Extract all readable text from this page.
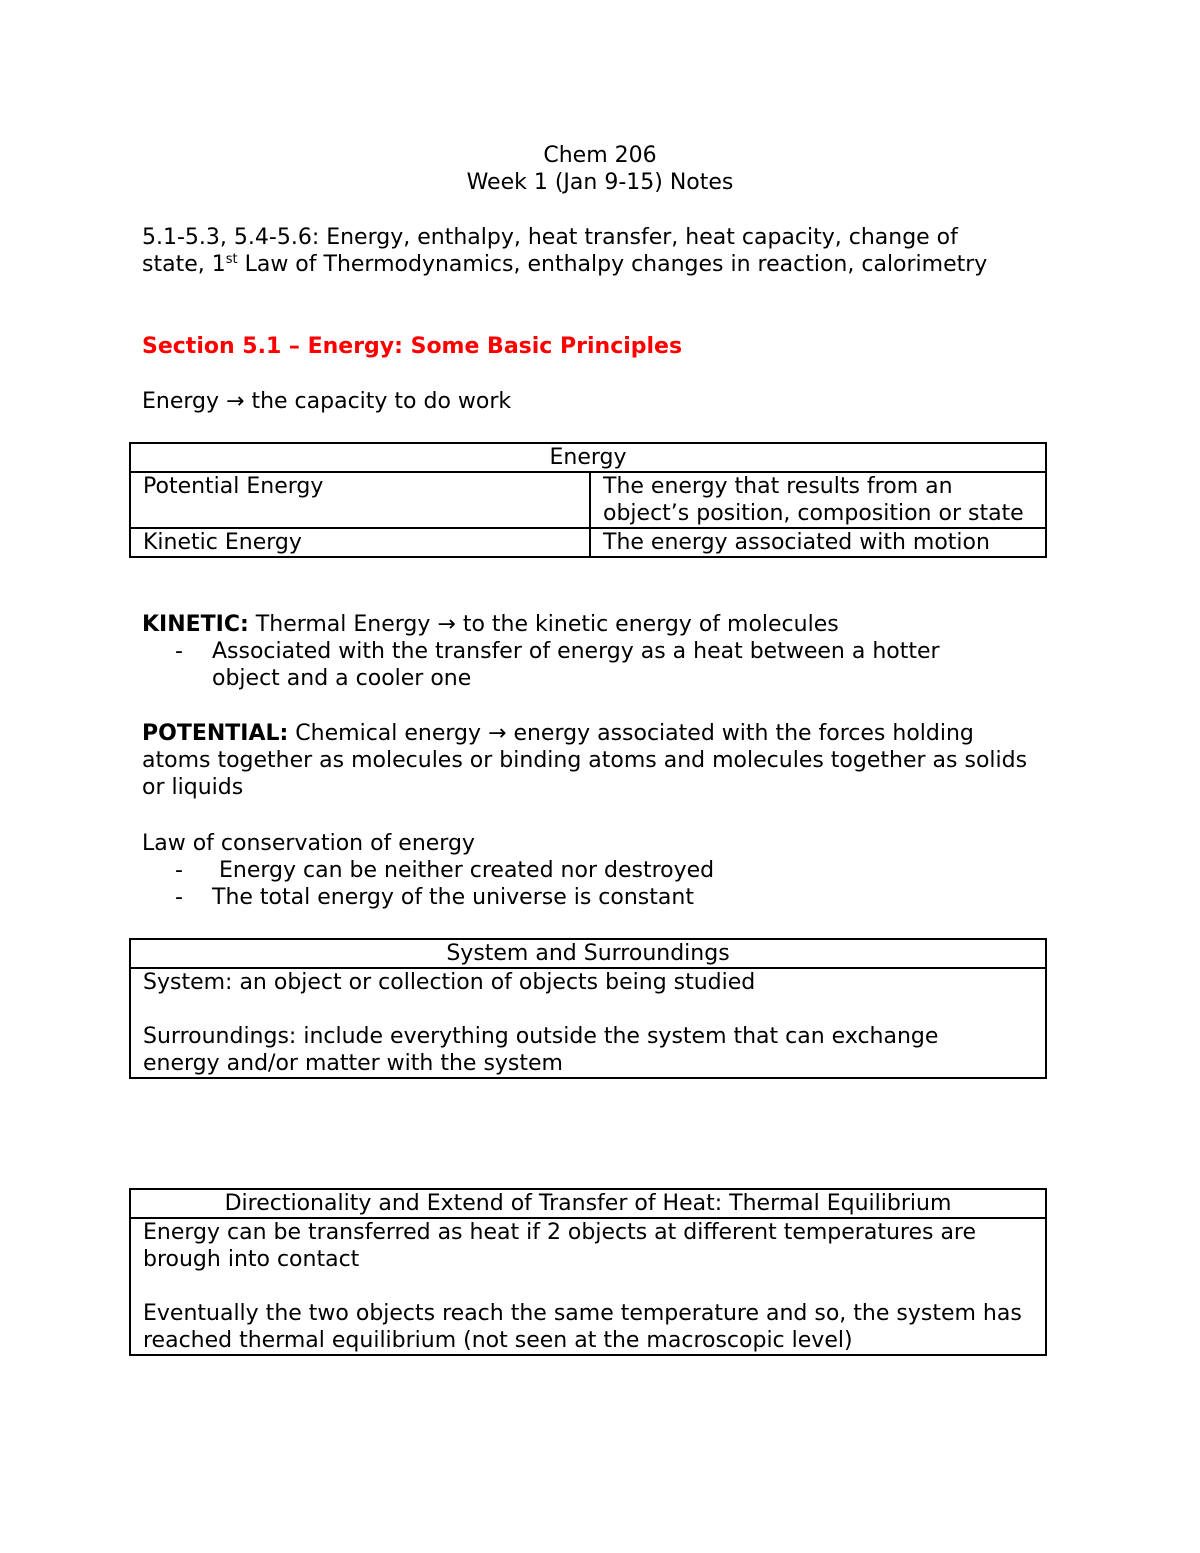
Chem 206
Week 1 (Jan 9-15) Notes
5.1-5.3, 5.4-5.6: Energy, enthalpy, heat transfer, heat capacity, change of
state, 1st Law of Thermodynamics, enthalpy changes in reaction, calorimetry
Section 5.1 – Energy: Some Basic Principles
Energy → the capacity to do work
Energy	
Potential Energy	The energy that results from an object’s position, composition or state
Kinetic Energy	The energy associated with motion
KINETIC: Thermal Energy → to the kinetic energy of molecules
- Associated with the transfer of energy as a heat between a hotter object and a cooler one
POTENTIAL: Chemical energy → energy associated with the forces holding atoms together as molecules or binding atoms and molecules together as solids or liquids
Law of conservation of energy
- Energy can be neither created nor destroyed
- The total energy of the universe is constant
System and Surroundings

System: an object or collection of objects being studied
Surroundings: include everything outside the system that can exchange energy and/or matter with the system
Directionality and Extend of Transfer of Heat: Thermal Equilibrium

Energy can be transferred as heat if 2 objects at different temperatures are brough into contact
Eventually the two objects reach the same temperature and so, the system has reached thermal equilibrium (not seen at the macroscopic level)
